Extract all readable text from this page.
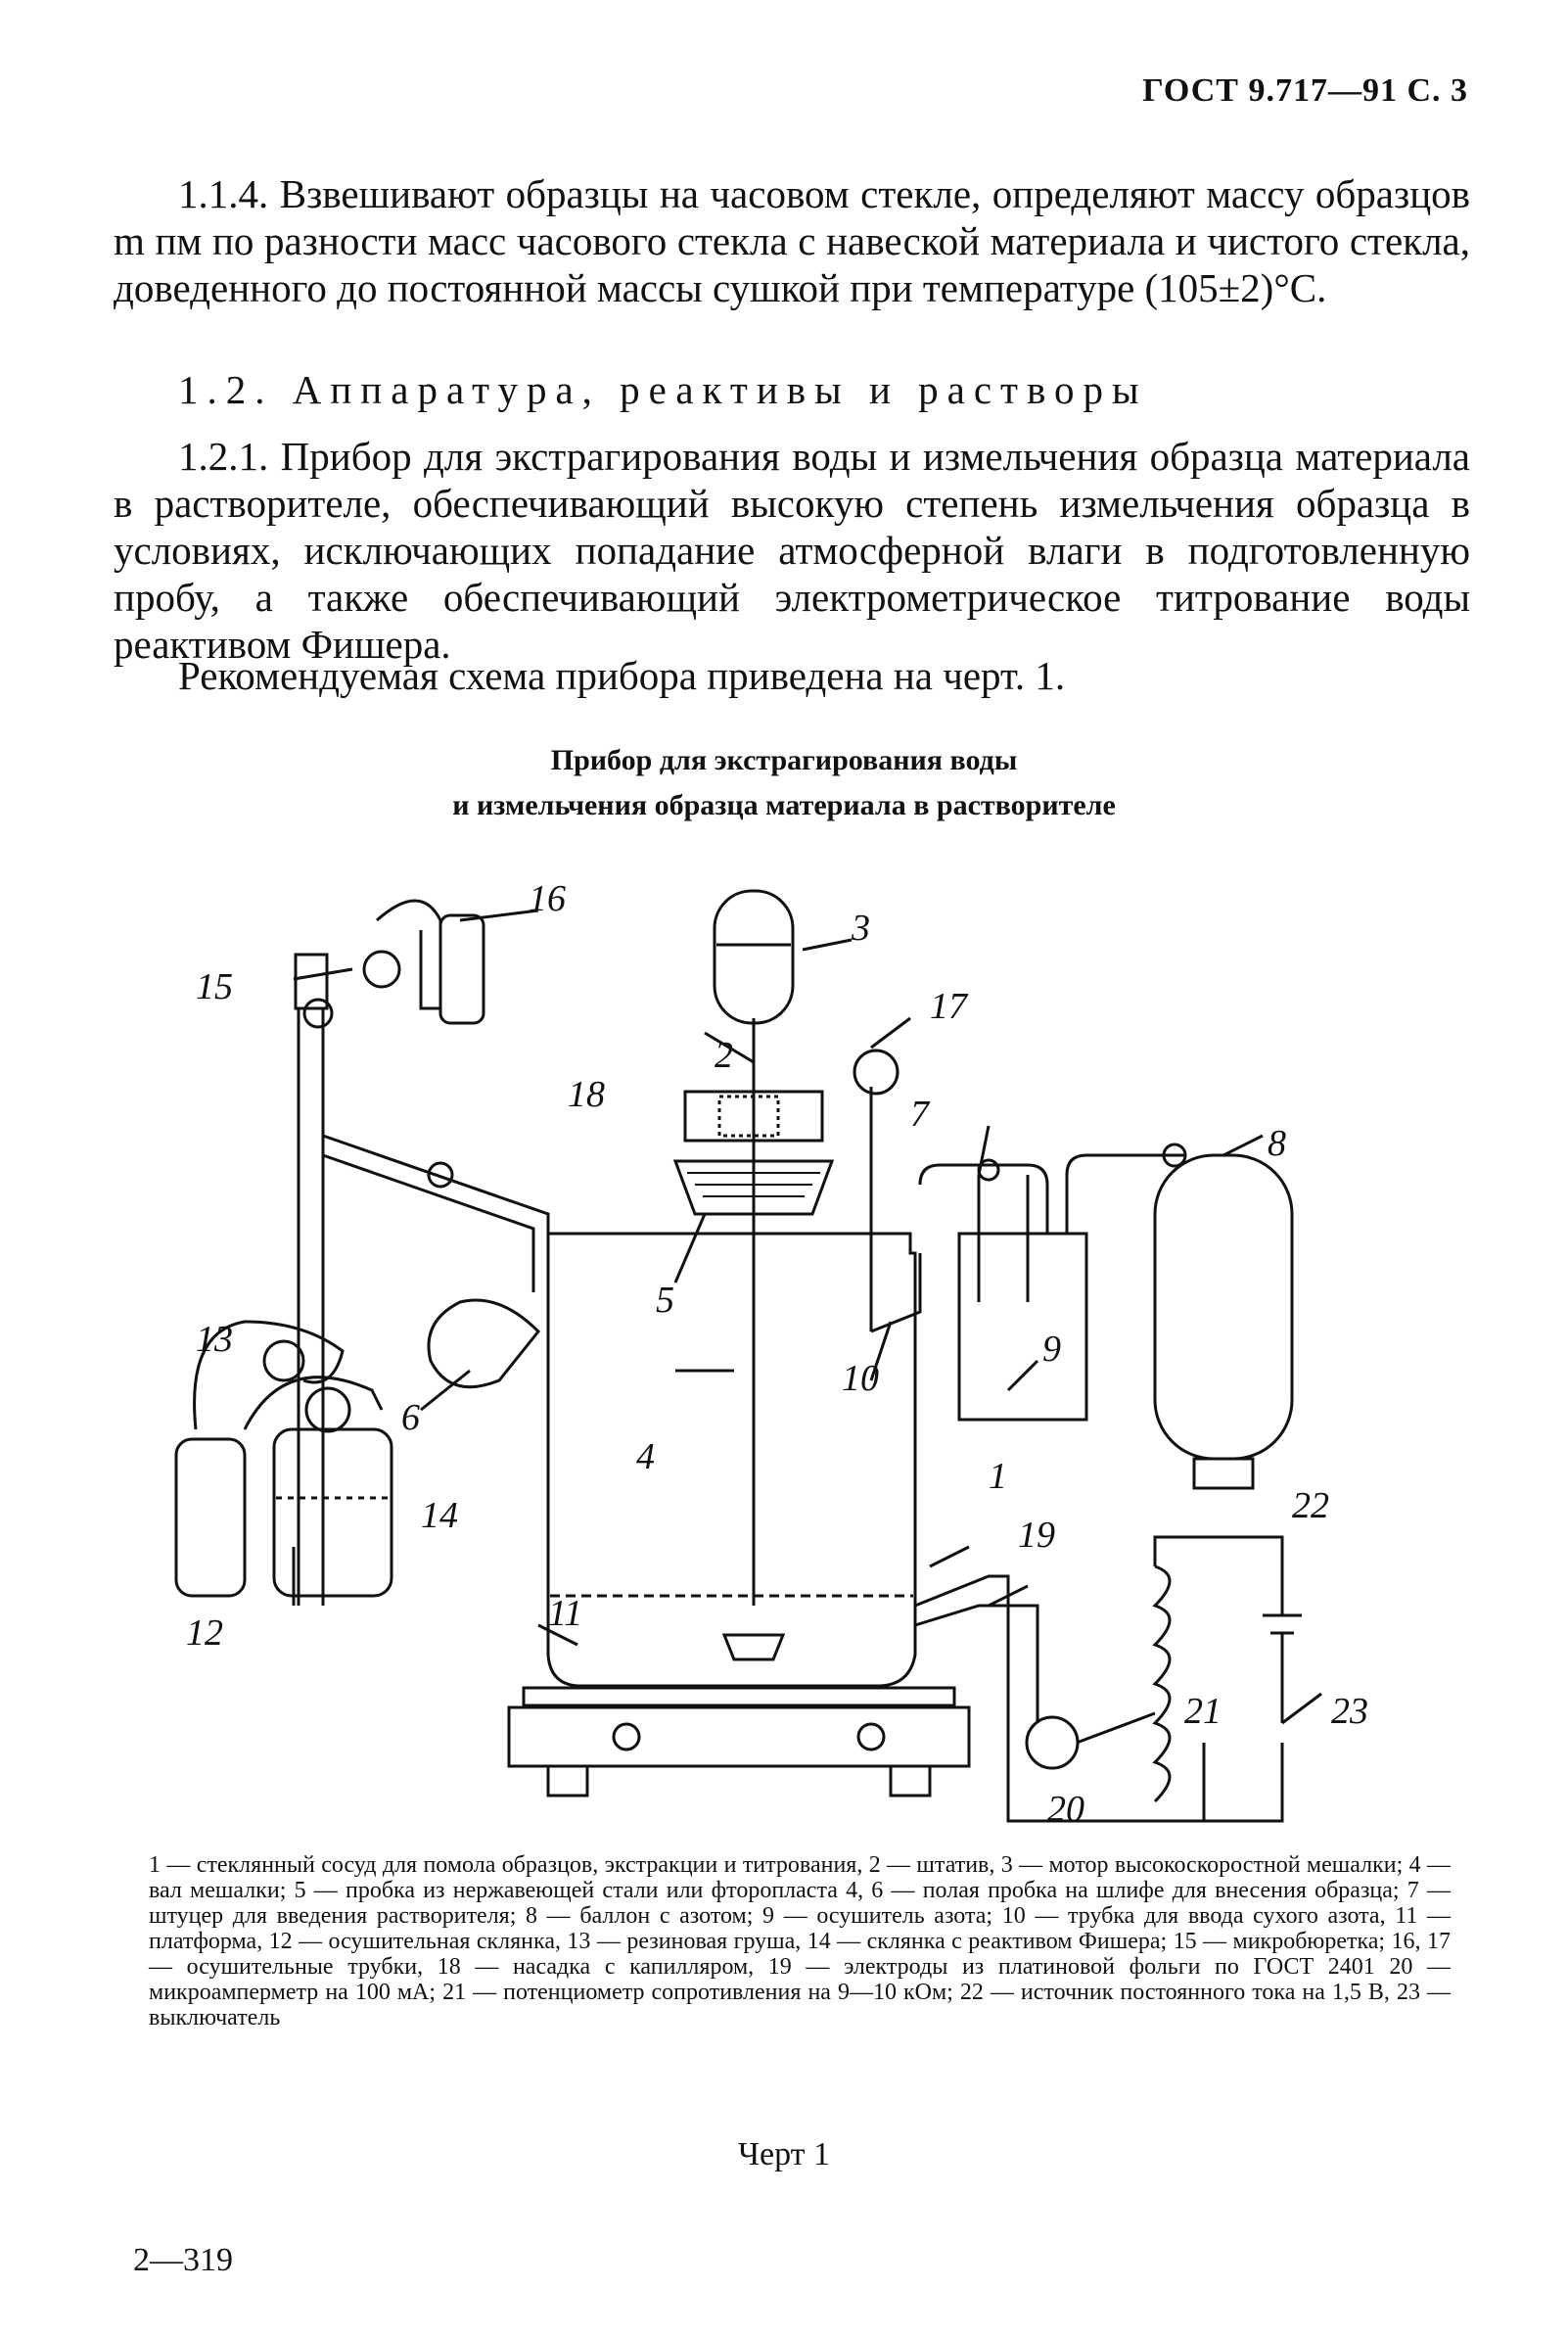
ГОСТ 9.717—91 С. 3

1.1.4. Взвешивают образцы на часовом стекле, определяют массу образцов m пм по разности масс часового стекла с навеской материала и чистого стекла, доведенного до постоянной массы сушкой при температуре (105±2)°С.

1.2. Аппаратура, реактивы и растворы

1.2.1. Прибор для экстрагирования воды и измельчения образца материала в растворителе, обеспечивающий высокую степень измельчения образца в условиях, исключающих попадание атмосферной влаги в подготовленную пробу, а также обеспечивающий электрометрическое титрование воды реактивом Фишера.

Рекомендуемая схема прибора приведена на черт. 1.
Прибор для экстрагирования воды
и измельчения образца материала в растворителе
1
2
3
4
5
6
7
8
9
10
11
12
13
14
15
16
17
18
19
20
21
22
23
1 — стеклянный сосуд для помола образцов, экстракции и титрования, 2 — штатив, 3 — мотор высокоскоростной мешалки; 4 — вал мешалки; 5 — пробка из нержавеющей стали или фторопласта 4, 6 — полая пробка на шлифе для внесения образца; 7 — штуцер для введения растворителя; 8 — баллон с азотом; 9 — осушитель азота; 10 — трубка для ввода сухого азота, 11 — платформа, 12 — осушительная склянка, 13 — резиновая груша, 14 — склянка с реактивом Фишера; 15 — микробюретка; 16, 17 — осушительные трубки, 18 — насадка с капилляром, 19 — электроды из платиновой фольги по ГОСТ 2401 20 — микроамперметр на 100 мА; 21 — потенциометр сопротивления на 9—10 кОм; 22 — источник постоянного тока на 1,5 В, 23 — выключатель
Черт 1
2—319
